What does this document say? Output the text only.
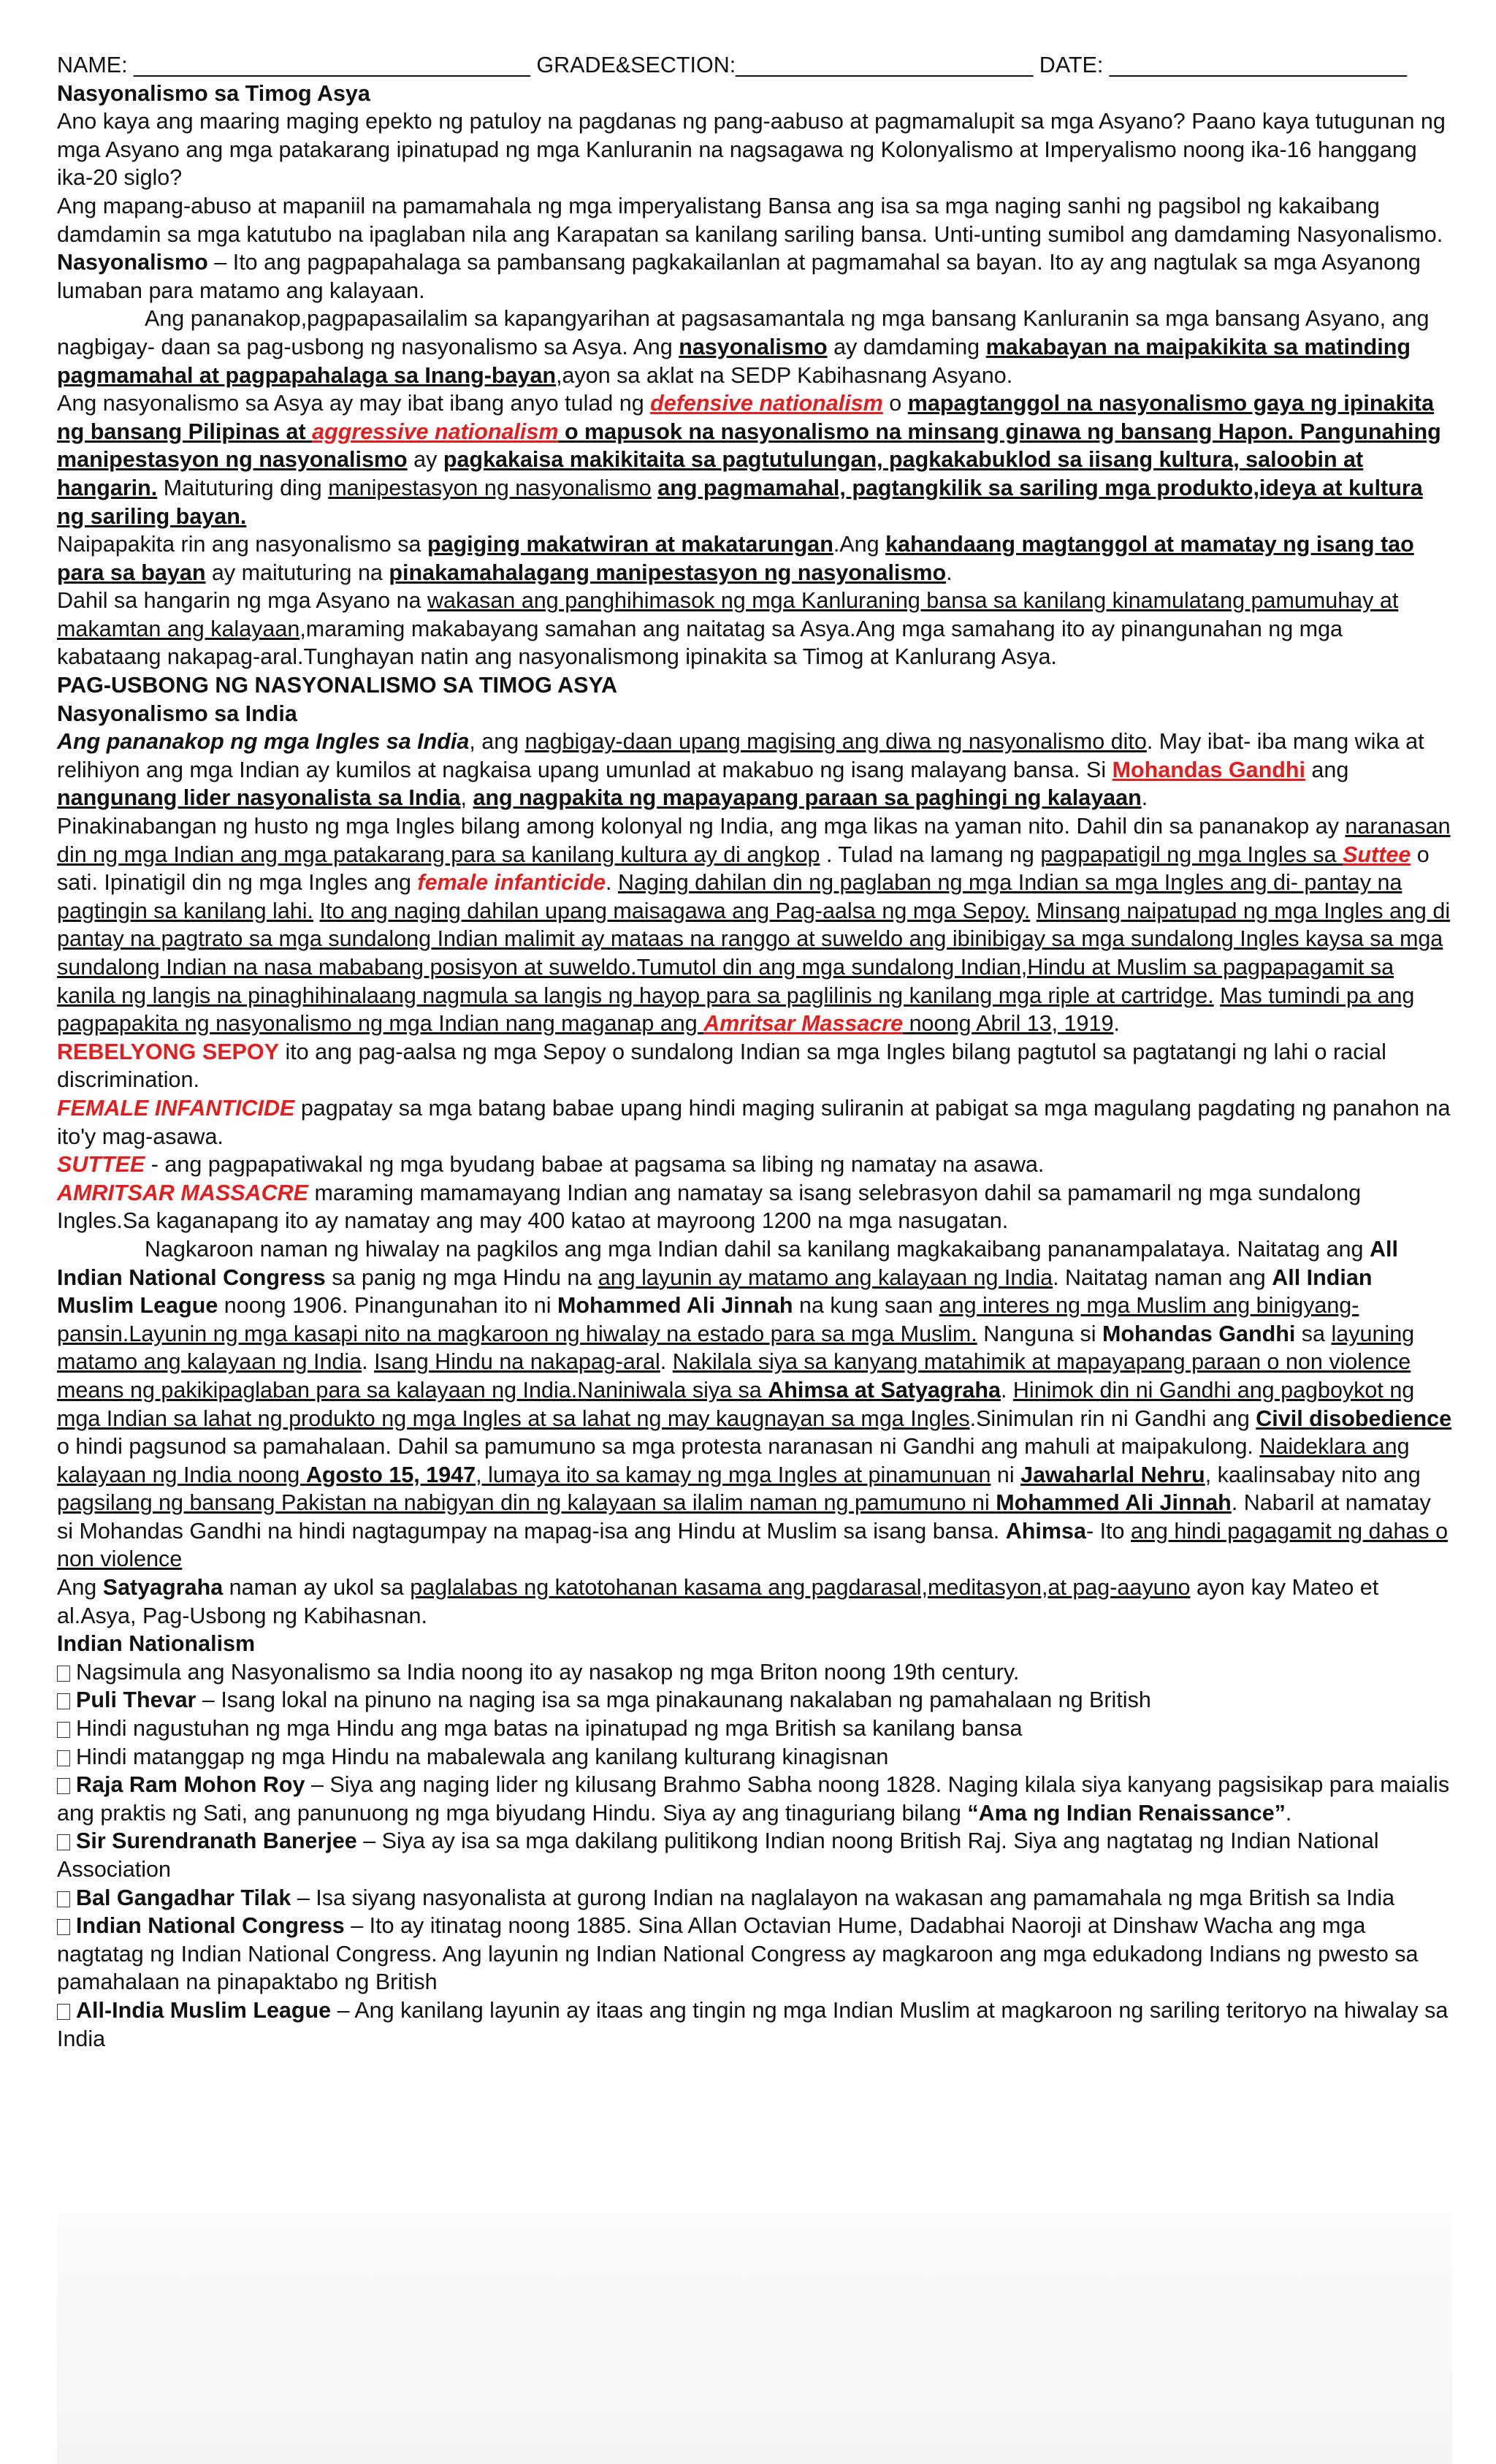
NAME: ________________________________ GRADE&SECTION:________________________ DATE: ________________________

Nasyonalismo sa Timog Asya

Ano kaya ang maaring maging epekto ng patuloy na pagdanas ng pang-aabuso at pagmamalupit sa mga Asyano? Paano kaya tutugunan ng mga Asyano ang mga patakarang ipinatupad ng mga Kanluranin na nagsagawa ng Kolonyalismo at Imperyalismo noong ika-16 hanggang ika-20 siglo?

Ang mapang-abuso at mapaniil na pamamahala ng mga imperyalistang Bansa ang isa sa mga naging sanhi ng pagsibol ng kakaibang damdamin sa mga katutubo na ipaglaban nila ang Karapatan sa kanilang sariling bansa. Unti-unting sumibol ang damdaming Nasyonalismo. Nasyonalismo – Ito ang pagpapahalaga sa pambansang pagkakailanlan at pagmamahal sa bayan. Ito ay ang nagtulak sa mga Asyanong lumaban para matamo ang kalayaan.

Ang pananakop,pagpapasailalim sa kapangyarihan at pagsasamantala ng mga bansang Kanluranin sa mga bansang Asyano, ang nagbigay- daan sa pag-usbong ng nasyonalismo sa Asya. Ang nasyonalismo ay damdaming makabayan na maipakikita sa matinding pagmamahal at pagpapahalaga sa Inang-bayan,ayon sa aklat na SEDP Kabihasnang Asyano.

Ang nasyonalismo sa Asya ay may ibat ibang anyo tulad ng defensive nationalism o mapagtanggol na nasyonalismo gaya ng ipinakita ng bansang Pilipinas at aggressive nationalism o mapusok na nasyonalismo na minsang ginawa ng bansang Hapon. Pangunahing manipestasyon ng nasyonalismo ay pagkakaisa makikitaita sa pagtutulungan, pagkakabuklod sa iisang kultura, saloobin at hangarin. Maituturing ding manipestasyon ng nasyonalismo ang pagmamahal, pagtangkilik sa sariling mga produkto,ideya at kultura ng sariling bayan.

Naipapakita rin ang nasyonalismo sa pagiging makatwiran at makatarungan.Ang kahandaang magtanggol at mamatay ng isang tao para sa bayan ay maituturing na pinakamahalagang manipestasyon ng nasyonalismo.

Dahil sa hangarin ng mga Asyano na wakasan ang panghihimasok ng mga Kanluraning bansa sa kanilang kinamulatang pamumuhay at makamtan ang kalayaan,maraming makabayang samahan ang naitatag sa Asya.Ang mga samahang ito ay pinangunahan ng mga kabataang nakapag-aral.Tunghayan natin ang nasyonalismong ipinakita sa Timog at Kanlurang Asya.

PAG-USBONG NG NASYONALISMO SA TIMOG ASYA

Nasyonalismo sa India

Ang pananakop ng mga Ingles sa India, ang nagbigay-daan upang magising ang diwa ng nasyonalismo dito. May ibat- iba mang wika at relihiyon ang mga Indian ay kumilos at nagkaisa upang umunlad at makabuo ng isang malayang bansa. Si Mohandas Gandhi ang nangunang lider nasyonalista sa India, ang nagpakita ng mapayapang paraan sa paghingi ng kalayaan.

Pinakinabangan ng husto ng mga Ingles bilang among kolonyal ng India, ang mga likas na yaman nito. Dahil din sa pananakop ay naranasan din ng mga Indian ang mga patakarang para sa kanilang kultura ay di angkop . Tulad na lamang ng pagpapatigil ng mga Ingles sa Suttee o sati. Ipinatigil din ng mga Ingles ang female infanticide. Naging dahilan din ng paglaban ng mga Indian sa mga Ingles ang di- pantay na pagtingin sa kanilang lahi. Ito ang naging dahilan upang maisagawa ang Pag-aalsa ng mga Sepoy. Minsang naipatupad ng mga Ingles ang di pantay na pagtrato sa mga sundalong Indian malimit ay mataas na ranggo at suweldo ang ibinibigay sa mga sundalong Ingles kaysa sa mga sundalong Indian na nasa mababang posisyon at suweldo.Tumutol din ang mga sundalong Indian,Hindu at Muslim sa pagpapagamit sa kanila ng langis na pinaghihinalaang nagmula sa langis ng hayop para sa paglilinis ng kanilang mga riple at cartridge. Mas tumindi pa ang pagpapakita ng nasyonalismo ng mga Indian nang maganap ang Amritsar Massacre noong Abril 13, 1919.

REBELYONG SEPOY ito ang pag-aalsa ng mga Sepoy o sundalong Indian sa mga Ingles bilang pagtutol sa pagtatangi ng lahi o racial discrimination.

FEMALE INFANTICIDE pagpatay sa mga batang babae upang hindi maging suliranin at pabigat sa mga magulang pagdating ng panahon na ito'y mag-asawa.

SUTTEE - ang pagpapatiwakal ng mga byudang babae at pagsama sa libing ng namatay na asawa.

AMRITSAR MASSACRE maraming mamamayang Indian ang namatay sa isang selebrasyon dahil sa pamamaril ng mga sundalong Ingles.Sa kaganapang ito ay namatay ang may 400 katao at mayroong 1200 na mga nasugatan.

Nagkaroon naman ng hiwalay na pagkilos ang mga Indian dahil sa kanilang magkakaibang pananampalataya. Naitatag ang All Indian National Congress sa panig ng mga Hindu na ang layunin ay matamo ang kalayaan ng India. Naitatag naman ang All Indian Muslim League noong 1906. Pinangunahan ito ni Mohammed Ali Jinnah na kung saan ang interes ng mga Muslim ang binigyang- pansin.Layunin ng mga kasapi nito na magkaroon ng hiwalay na estado para sa mga Muslim. Nanguna si Mohandas Gandhi sa layuning matamo ang kalayaan ng India. Isang Hindu na nakapag-aral. Nakilala siya sa kanyang matahimik at mapayapang paraan o non violence means ng pakikipaglaban para sa kalayaan ng India.Naniniwala siya sa Ahimsa at Satyagraha. Hinimok din ni Gandhi ang pagboykot ng mga Indian sa lahat ng produkto ng mga Ingles at sa lahat ng may kaugnayan sa mga Ingles.Sinimulan rin ni Gandhi ang Civil disobedience o hindi pagsunod sa pamahalaan. Dahil sa pamumuno sa mga protesta naranasan ni Gandhi ang mahuli at maipakulong. Naideklara ang kalayaan ng India noong Agosto 15, 1947, lumaya ito sa kamay ng mga Ingles at pinamunuan ni Jawaharlal Nehru, kaalinsabay nito ang pagsilang ng bansang Pakistan na nabigyan din ng kalayaan sa ilalim naman ng pamumuno ni Mohammed Ali Jinnah. Nabaril at namatay si Mohandas Gandhi na hindi nagtagumpay na mapag-isa ang Hindu at Muslim sa isang bansa. Ahimsa- Ito ang hindi pagagamit ng dahas o non violence

Ang Satyagraha naman ay ukol sa paglalabas ng katotohanan kasama ang pagdarasal,meditasyon,at pag-aayuno ayon kay Mateo et al.Asya, Pag-Usbong ng Kabihasnan.

Indian Nationalism

Nagsimula ang Nasyonalismo sa India noong ito ay nasakop ng mga Briton noong 19th century.

Puli Thevar – Isang lokal na pinuno na naging isa sa mga pinakaunang nakalaban ng pamahalaan ng British

Hindi nagustuhan ng mga Hindu ang mga batas na ipinatupad ng mga British sa kanilang bansa

Hindi matanggap ng mga Hindu na mabalewala ang kanilang kulturang kinagisnan

Raja Ram Mohon Roy – Siya ang naging lider ng kilusang Brahmo Sabha noong 1828. Naging kilala siya kanyang pagsisikap para maialis ang praktis ng Sati, ang panunuong ng mga biyudang Hindu. Siya ay ang tinaguriang bilang “Ama ng Indian Renaissance”.

Sir Surendranath Banerjee – Siya ay isa sa mga dakilang pulitikong Indian noong British Raj. Siya ang nagtatag ng Indian National Association

Bal Gangadhar Tilak – Isa siyang nasyonalista at gurong Indian na naglalayon na wakasan ang pamamahala ng mga British sa India

Indian National Congress – Ito ay itinatag noong 1885. Sina Allan Octavian Hume, Dadabhai Naoroji at Dinshaw Wacha ang mga nagtatag ng Indian National Congress. Ang layunin ng Indian National Congress ay magkaroon ang mga edukadong Indians ng pwesto sa pamahalaan na pinapaktabo ng British

All-India Muslim League – Ang kanilang layunin ay itaas ang tingin ng mga Indian Muslim at magkaroon ng sariling teritoryo na hiwalay sa India
